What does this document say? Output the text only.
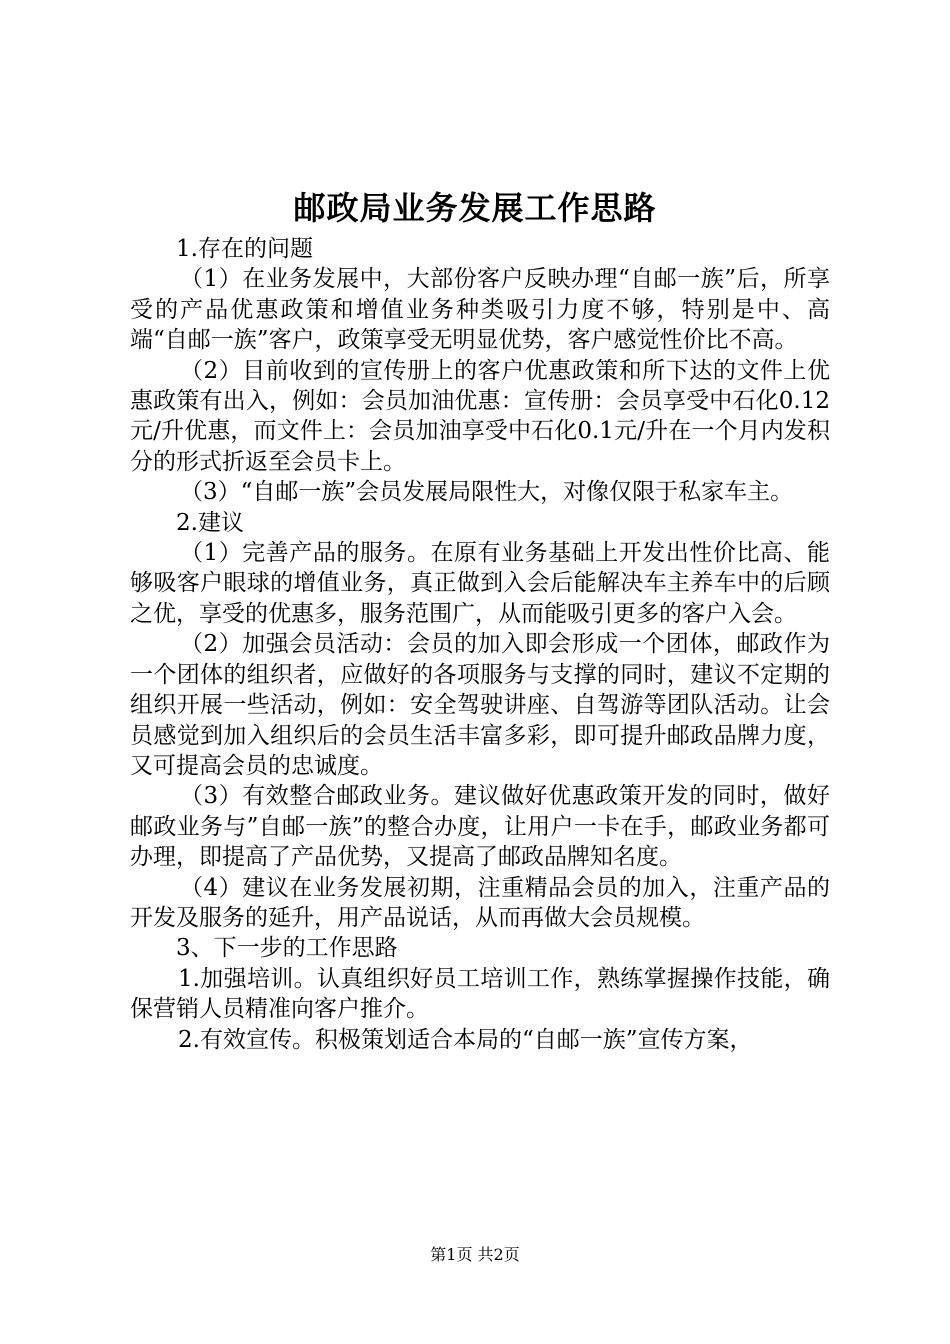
邮政局业务发展工作思路

1.存在的问题

（1）在业务发展中，大部份客户反映办理“自邮一族”后，所享受的产品优惠政策和增值业务种类吸引力度不够，特别是中、高端“自邮一族”客户，政策享受无明显优势，客户感觉性价比不高。

（2）目前收到的宣传册上的客户优惠政策和所下达的文件上优惠政策有出入，例如：会员加油优惠：宣传册：会员享受中石化0.12元/升优惠，而文件上：会员加油享受中石化0.1元/升在一个月内发积分的形式折返至会员卡上。

（3）“自邮一族”会员发展局限性大，对像仅限于私家车主。

2.建议

（1）完善产品的服务。在原有业务基础上开发出性价比高、能够吸客户眼球的增值业务，真正做到入会后能解决车主养车中的后顾之优，享受的优惠多，服务范围广，从而能吸引更多的客户入会。

（2）加强会员活动：会员的加入即会形成一个团体，邮政作为一个团体的组织者，应做好的各项服务与支撑的同时，建议不定期的组织开展一些活动，例如：安全驾驶讲座、自驾游等团队活动。让会员感觉到加入组织后的会员生活丰富多彩，即可提升邮政品牌力度，又可提高会员的忠诚度。

（3）有效整合邮政业务。建议做好优惠政策开发的同时，做好邮政业务与”自邮一族”的整合办度，让用户一卡在手，邮政业务都可办理，即提高了产品优势，又提高了邮政品牌知名度。

（4）建议在业务发展初期，注重精品会员的加入，注重产品的开发及服务的延升，用产品说话，从而再做大会员规模。

3、下一步的工作思路

1.加强培训。认真组织好员工培训工作，熟练掌握操作技能，确保营销人员精准向客户推介。

2.有效宣传。积极策划适合本局的“自邮一族”宣传方案，

第1页 共2页
